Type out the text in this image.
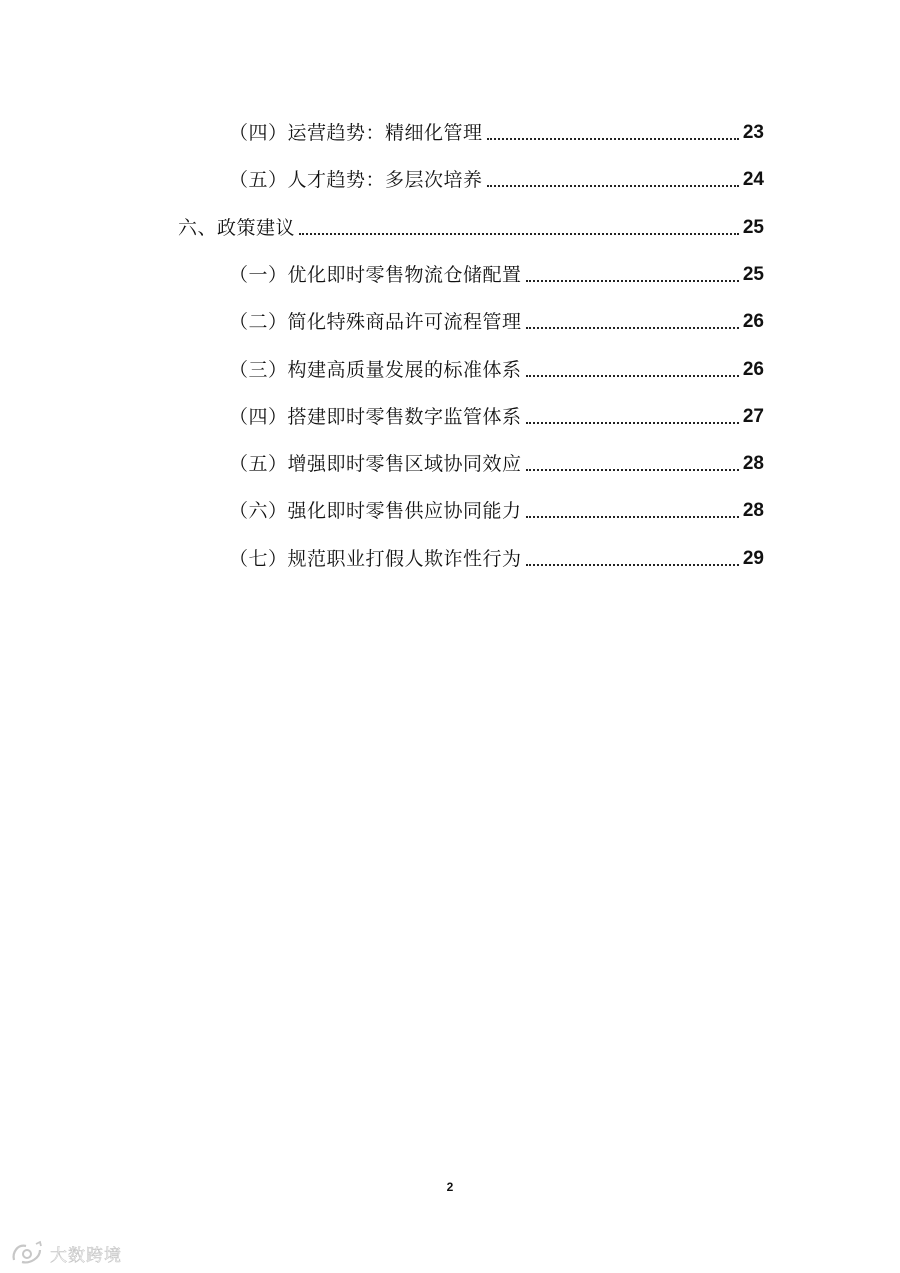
（四）运营趋势：精细化管理	23
（五）人才趋势：多层次培养	24
六、政策建议	25
（一）优化即时零售物流仓储配置	25
（二）简化特殊商品许可流程管理	26
（三）构建高质量发展的标准体系	26
（四）搭建即时零售数字监管体系	27
（五）增强即时零售区域协同效应	28
（六）强化即时零售供应协同能力	28
（七）规范职业打假人欺诈性行为	29
2
大数跨境
